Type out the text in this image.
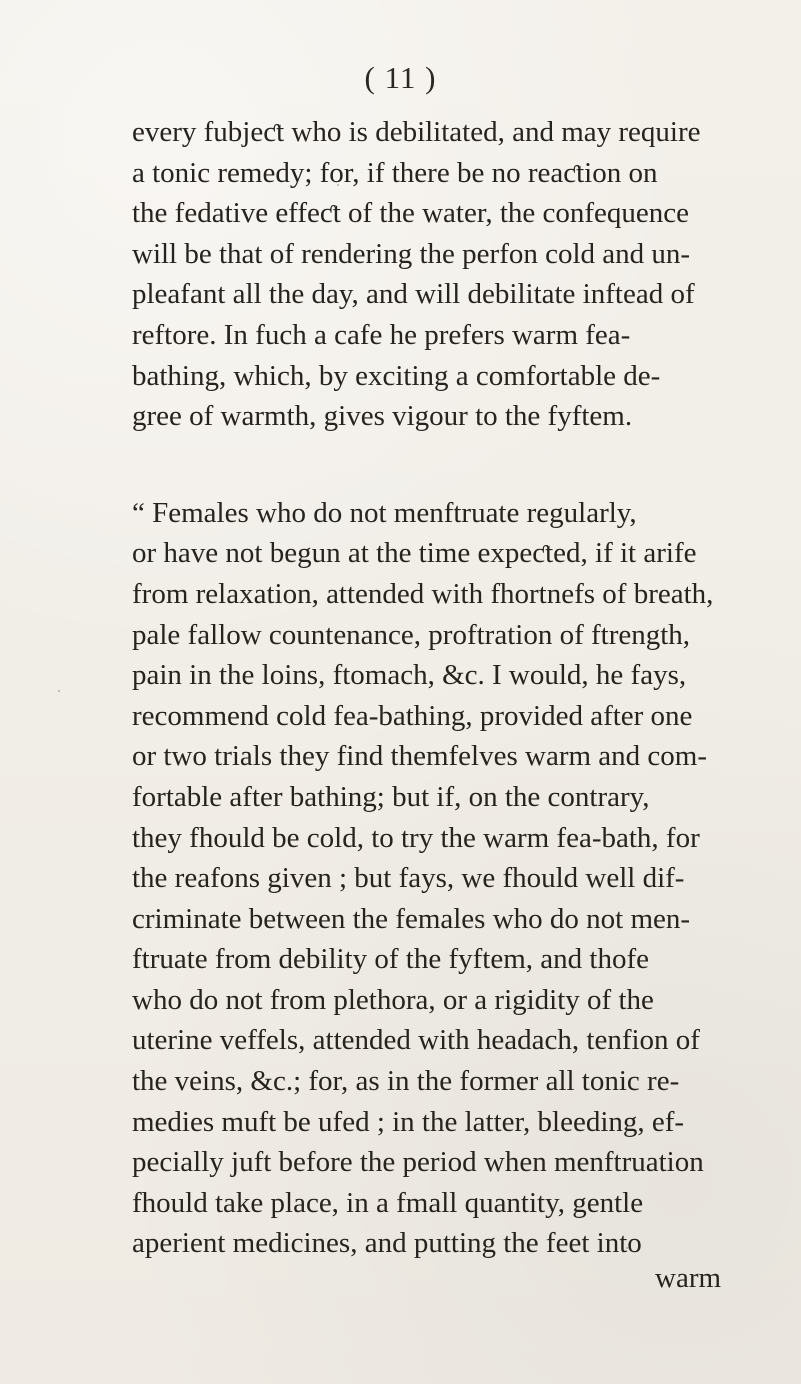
( 11 )
every fubjeƈt who is debilitated, and may require
a tonic remedy; for, if there be no reaƈtion on
the fedative effeƈt of the water, the confequence
will be that of rendering the perfon cold and un-
pleafant all the day, and will debilitate inftead of
reftore. In fuch a cafe he prefers warm fea-
bathing, which, by exciting a comfortable de-
gree of warmth, gives vigour to the fyftem.
“ Females who do not menftruate regularly,
or have not begun at the time expeƈted, if it arife
from relaxation, attended with fhortnefs of breath,
pale fallow countenance, proftration of ftrength,
pain in the loins, ftomach, &c. I would, he fays,
recommend cold fea-bathing, provided after one
or two trials they find themfelves warm and com-
fortable after bathing; but if, on the contrary,
they fhould be cold, to try the warm fea-bath, for
the reafons given ; but fays, we fhould well dif-
criminate between the females who do not men-
ftruate from debility of the fyftem, and thofe
who do not from plethora, or a rigidity of the
uterine veffels, attended with headach, tenfion of
the veins, &c.; for, as in the former all tonic re-
medies muft be ufed ; in the latter, bleeding, ef-
pecially juft before the period when menftruation
fhould take place, in a fmall quantity, gentle
aperient medicines, and putting the feet into
warm
